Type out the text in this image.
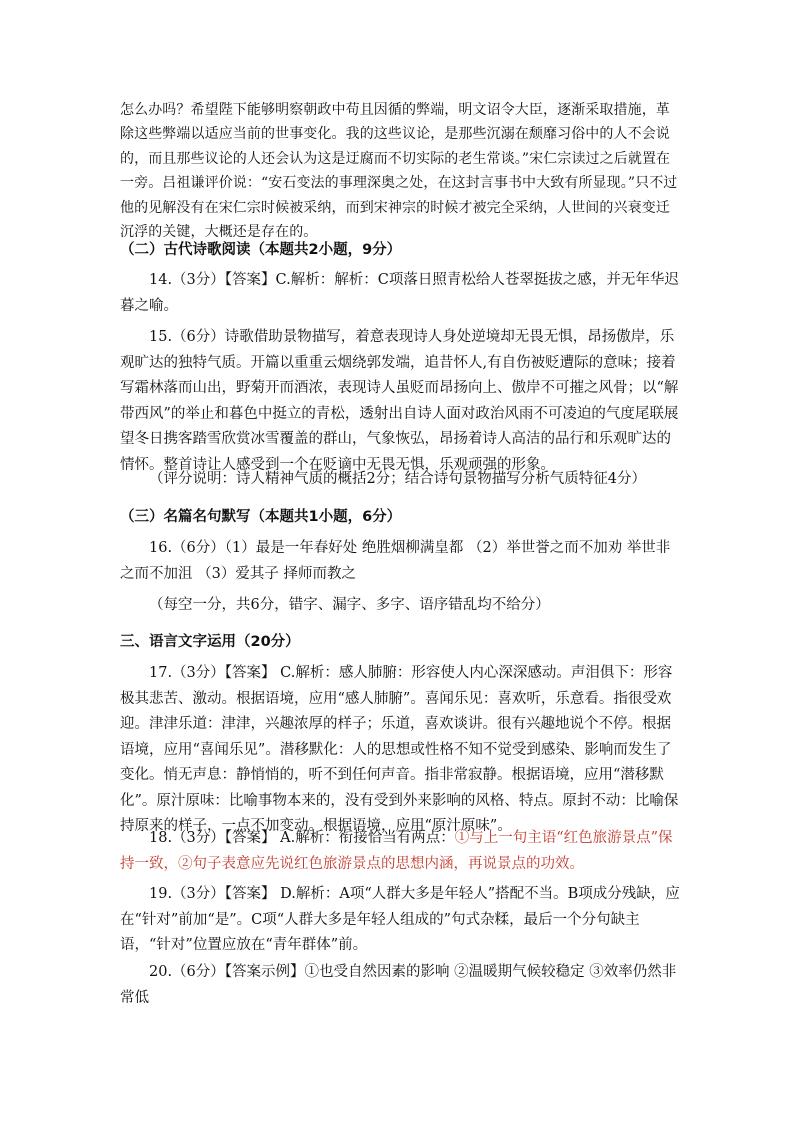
怎么办吗？希望陛下能够明察朝政中苟且因循的弊端，明文诏令大臣，逐渐采取措施，革除这些弊端以适应当前的世事变化。我的这些议论，是那些沉溺在颓靡习俗中的人不会说的，而且那些议论的人还会认为这是迂腐而不切实际的老生常谈。”宋仁宗读过之后就置在一旁。吕祖谦评价说：“安石变法的事理深奥之处，在这封言事书中大致有所显现。”只不过他的见解没有在宋仁宗时候被采纳，而到宋神宗的时候才被完全采纳，人世间的兴衰变迁沉浮的关键，大概还是存在的。

（二）古代诗歌阅读（本题共2小题，9分）

14.（3分）【答案】C.解析：解析：C项落日照青松给人苍翠挺拔之感，并无年华迟暮之喻。

15.（6分）诗歌借助景物描写，着意表现诗人身处逆境却无畏无惧，昂扬傲岸，乐观旷达的独特气质。开篇以重重云烟绕郭发端，追昔怀人,有自伤被贬遭际的意味；接着写霜林落而山出，野菊开而酒浓，表现诗人虽贬而昂扬向上、傲岸不可摧之风骨；以“解带西风”的举止和暮色中挺立的青松，透射出自诗人面对政治风雨不可凌迫的气度尾联展望冬日携客踏雪欣赏冰雪覆盖的群山，气象恢弘，昂扬着诗人高洁的品行和乐观旷达的情怀。整首诗让人感受到一个在贬谪中无畏无惧，乐观顽强的形象。

（评分说明：诗人精神气质的概括2分；结合诗句景物描写分析气质特征4分）

（三）名篇名句默写（本题共1小题，6分）

16.（6分）（1）最是一年春好处 绝胜烟柳满皇都 （2）举世誉之而不加劝 举世非之而不加沮 （3）爱其子 择师而教之

（每空一分，共6分，错字、漏字、多字、语序错乱均不给分）

三、语言文字运用（20分）

17.（3分）【答案】 C.解析：感人肺腑：形容使人内心深深感动。声泪俱下：形容极其悲苦、激动。根据语境，应用“感人肺腑”。喜闻乐见：喜欢听，乐意看。指很受欢迎。津津乐道：津津，兴趣浓厚的样子；乐道，喜欢谈讲。很有兴趣地说个不停。根据语境，应用“喜闻乐见”。潜移默化：人的思想或性格不知不觉受到感染、影响而发生了变化。悄无声息：静悄悄的，听不到任何声音。指非常寂静。根据语境，应用“潜移默化”。原汁原味：比喻事物本来的，没有受到外来影响的风格、特点。原封不动：比喻保持原来的样子，一点不加变动。根据语境，应用“原汁原味”。

18.（3分）【答案】 A.解析：衔接恰当有两点：①与上一句主语“红色旅游景点”保持一致，②句子表意应先说红色旅游景点的思想内涵，再说景点的功效。

19.（3分）【答案】 D.解析：A项“人群大多是年轻人”搭配不当。B项成分残缺，应在“针对”前加“是”。C项“人群大多是年轻人组成的”句式杂糅，最后一个分句缺主语，“针对”位置应放在“青年群体”前。

20.（6分）【答案示例】①也受自然因素的影响 ②温暖期气候较稳定 ③效率仍然非常低
